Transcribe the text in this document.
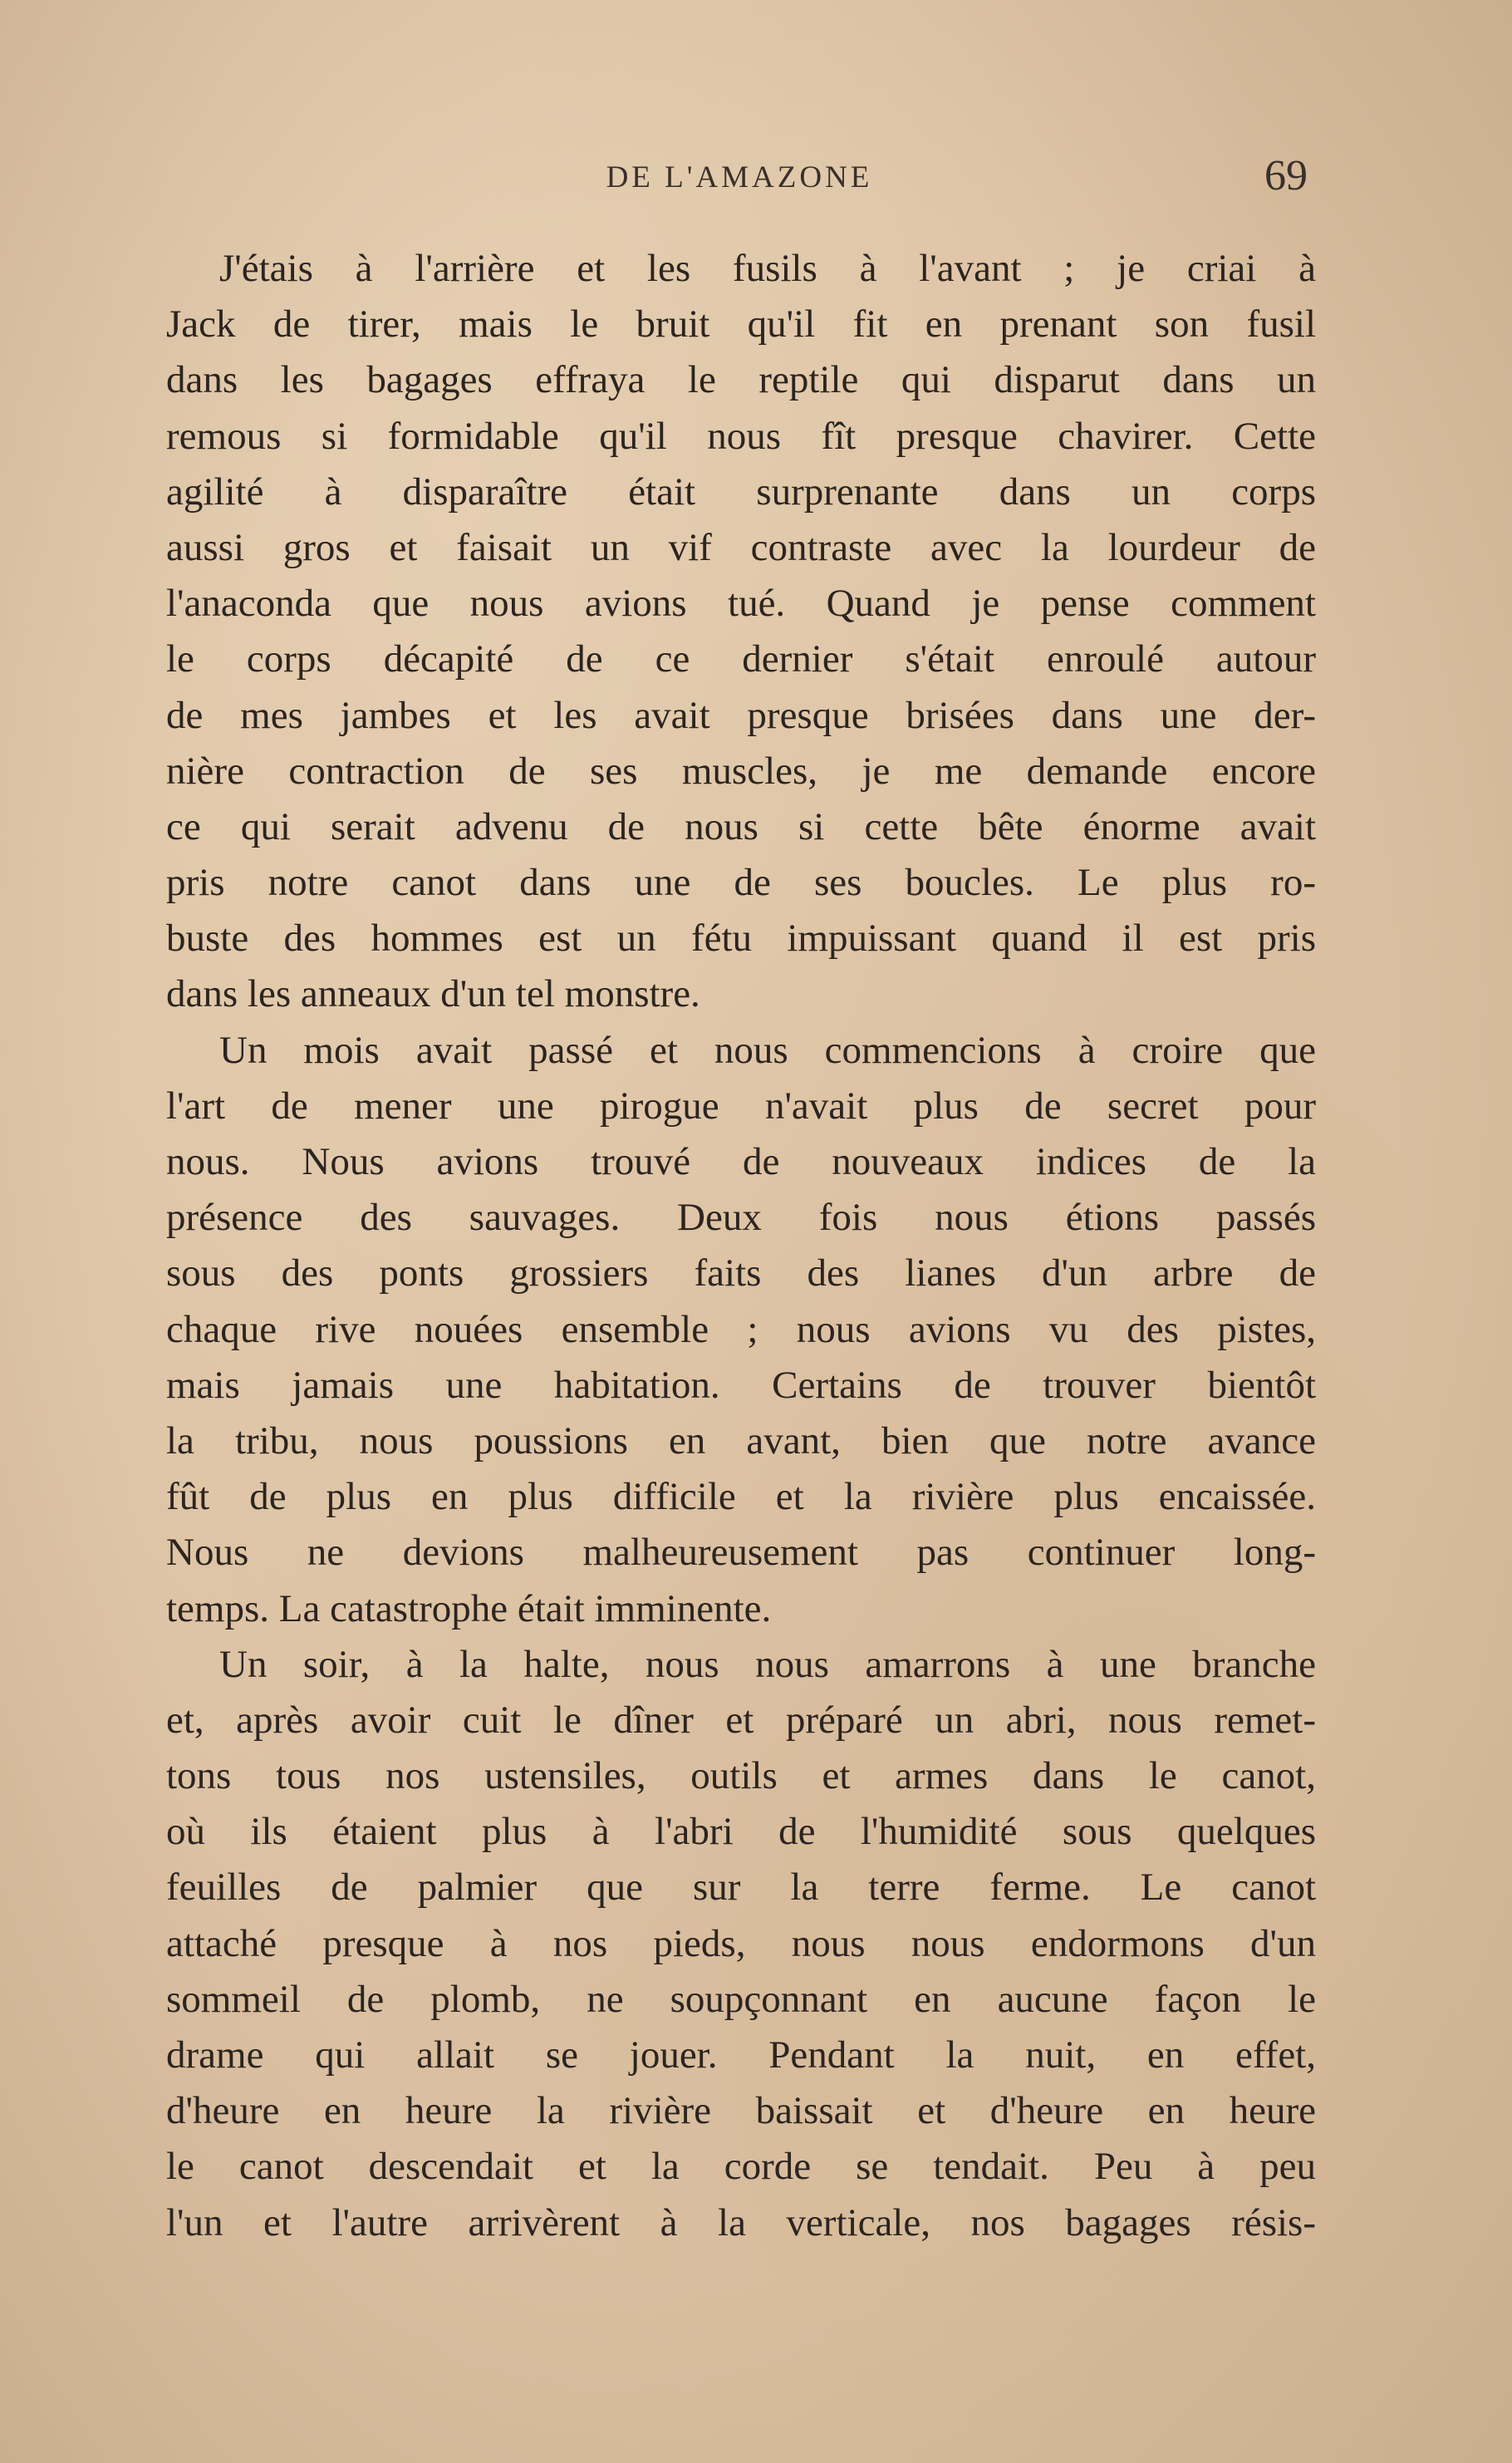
DE L'AMAZONE	69
J'étais à l'arrière et les fusils à l'avant ; je criai à
Jack de tirer, mais le bruit qu'il fit en prenant son fusil
dans les bagages effraya le reptile qui disparut dans un
remous si formidable qu'il nous fît presque chavirer. Cette
agilité à disparaître était surprenante dans un corps
aussi gros et faisait un vif contraste avec la lourdeur de
l'anaconda que nous avions tué. Quand je pense comment
le corps décapité de ce dernier s'était enroulé autour
de mes jambes et les avait presque brisées dans une der-
nière contraction de ses muscles, je me demande encore
ce qui serait advenu de nous si cette bête énorme avait
pris notre canot dans une de ses boucles. Le plus ro-
buste des hommes est un fétu impuissant quand il est pris
dans les anneaux d'un tel monstre.
Un mois avait passé et nous commencions à croire que
l'art de mener une pirogue n'avait plus de secret pour
nous. Nous avions trouvé de nouveaux indices de la
présence des sauvages. Deux fois nous étions passés
sous des ponts grossiers faits des lianes d'un arbre de
chaque rive nouées ensemble ; nous avions vu des pistes,
mais jamais une habitation. Certains de trouver bientôt
la tribu, nous poussions en avant, bien que notre avance
fût de plus en plus difficile et la rivière plus encaissée.
Nous ne devions malheureusement pas continuer long-
temps. La catastrophe était imminente.
Un soir, à la halte, nous nous amarrons à une branche
et, après avoir cuit le dîner et préparé un abri, nous remet-
tons tous nos ustensiles, outils et armes dans le canot,
où ils étaient plus à l'abri de l'humidité sous quelques
feuilles de palmier que sur la terre ferme. Le canot
attaché presque à nos pieds, nous nous endormons d'un
sommeil de plomb, ne soupçonnant en aucune façon le
drame qui allait se jouer. Pendant la nuit, en effet,
d'heure en heure la rivière baissait et d'heure en heure
le canot descendait et la corde se tendait. Peu à peu
l'un et l'autre arrivèrent à la verticale, nos bagages résis-
